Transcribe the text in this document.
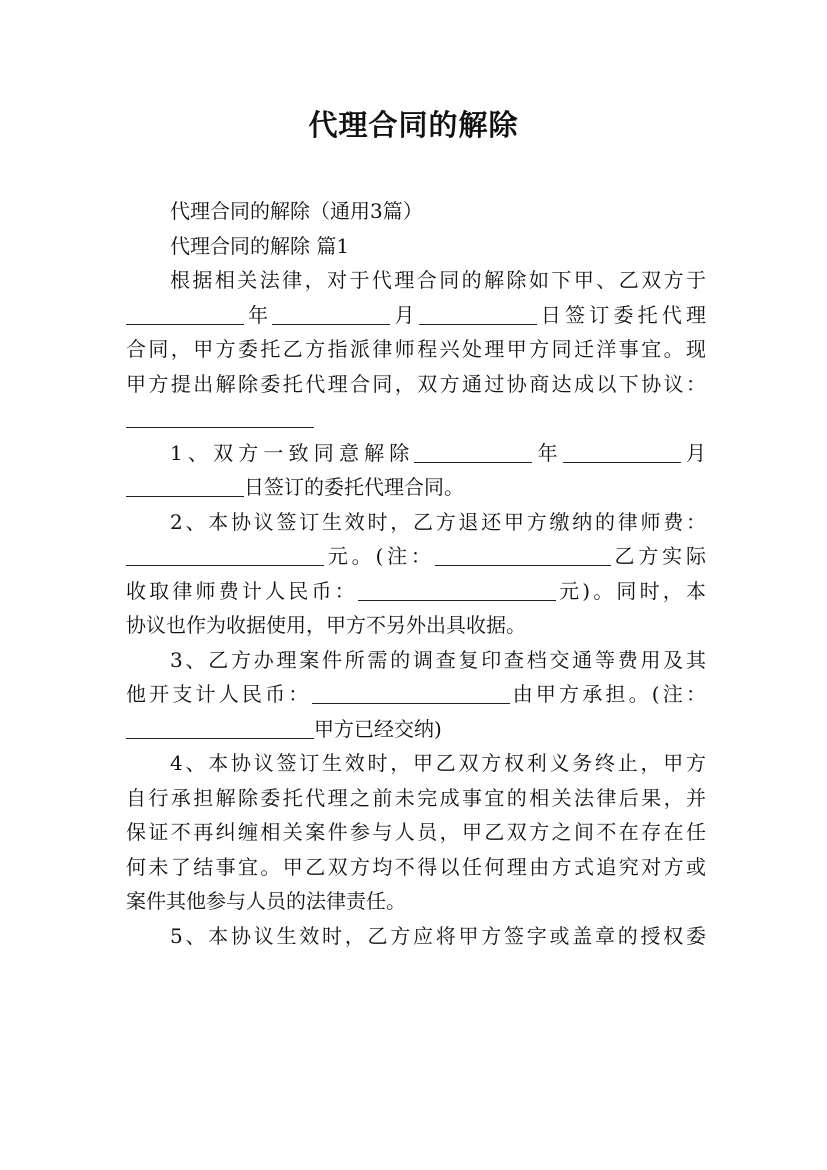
代理合同的解除
代理合同的解除（通用3篇）
代理合同的解除 篇1
根据相关法律，对于代理合同的解除如下甲、乙双方于
年	月	日签订委托代理
合同，甲方委托乙方指派律师程兴处理甲方同迁洋事宜。现
甲方提出解除委托代理合同，双方通过协商达成以下协议：
1、双方一致同意解除	年	月
日签订的委托代理合同。
2、本协议签订生效时，乙方退还甲方缴纳的律师费：
元。(注：	乙方实际
收取律师费计人民币：	元)。同时，本
协议也作为收据使用，甲方不另外出具收据。
3、乙方办理案件所需的调查复印查档交通等费用及其
他开支计人民币：	由甲方承担。(注：
甲方已经交纳)
4、本协议签订生效时，甲乙双方权利义务终止，甲方
自行承担解除委托代理之前未完成事宜的相关法律后果，并
保证不再纠缠相关案件参与人员，甲乙双方之间不在存在任
何未了结事宜。甲乙双方均不得以任何理由方式追究对方或
案件其他参与人员的法律责任。
5、本协议生效时，乙方应将甲方签字或盖章的授权委
